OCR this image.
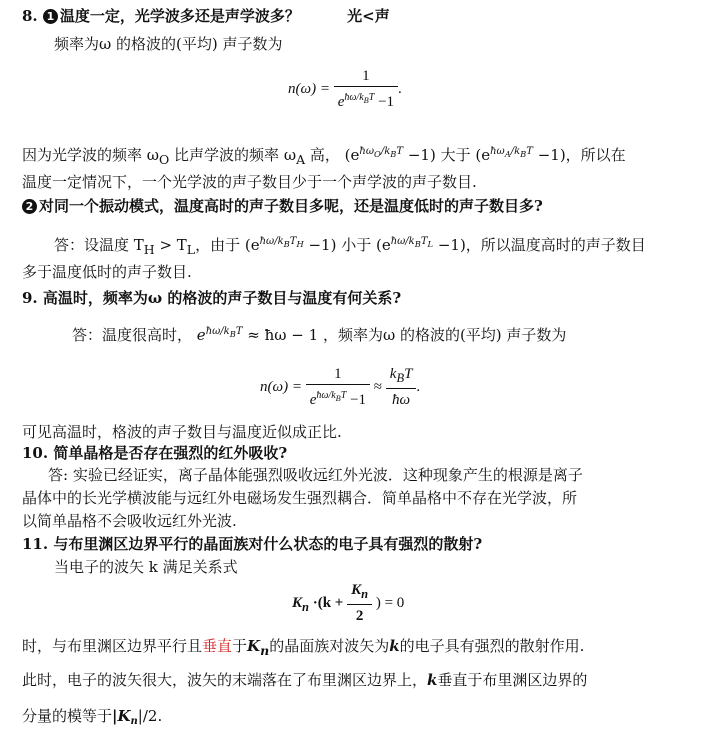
8. 1 温度一定，光学波多还是声学波多？	光<声
频率为ω 的格波的(平均) 声子数为
$n(\omega) = \frac{1}{e^{ħ\omega/k_BT} -1}$ .
因为光学波的频率 $\omega_O$ 比声学波的频率 $\omega_A$ 高， $(e^{ħ\omega_O/k_BT} -1)$ 大于 $(e^{ħ\omega_A/k_BT} -1)$，所以在
温度一定情况下，一个光学波的声子数目少于一个声学波的声子数目.
2 对同一个振动模式，温度高时的声子数目多呢，还是温度低时的声子数目多?
答：设温度 $T_H > T_L$，由于 $(e^{ħ\omega/k_BT_H} -1)$ 小于 $(e^{ħ\omega/k_BT_L} -1)$，所以温度高时的声子数目
多于温度低时的声子数目.
9. 高温时，频率为ω 的格波的声子数目与温度有何关系?
答：温度很高时， $e^{ħ\omega/k_BT}$ ≈ ħω − 1 ，频率为ω 的格波的(平均) 声子数为
$n(\omega) = \frac{1}{e^{ħ\omega/k_BT} -1} \approx \frac{k_BT}{ħ\omega}$ .
可见高温时，格波的声子数目与温度近似成正比.
10. 简单晶格是否存在强烈的红外吸收?
答: 实验已经证实，离子晶体能强烈吸收远红外光波．这种现象产生的根源是离子
晶体中的长光学横波能与远红外电磁场发生强烈耦合．简单晶格中不存在光学波，所
以简单晶格不会吸收远红外光波.
11. 与布里渊区边界平行的晶面族对什么状态的电子具有强烈的散射?
当电子的波矢 k 满足关系式
$K_n \cdot(k + \frac{K_n}{2}$ ) = 0
时，与布里渊区边界平行且垂直于$K_n$的晶面族对波矢为k的电子具有强烈的散射作用.
此时，电子的波矢很大，波矢的末端落在了布里渊区边界上，k垂直于布里渊区边界的
分量的模等于$|K_n|/2$.
